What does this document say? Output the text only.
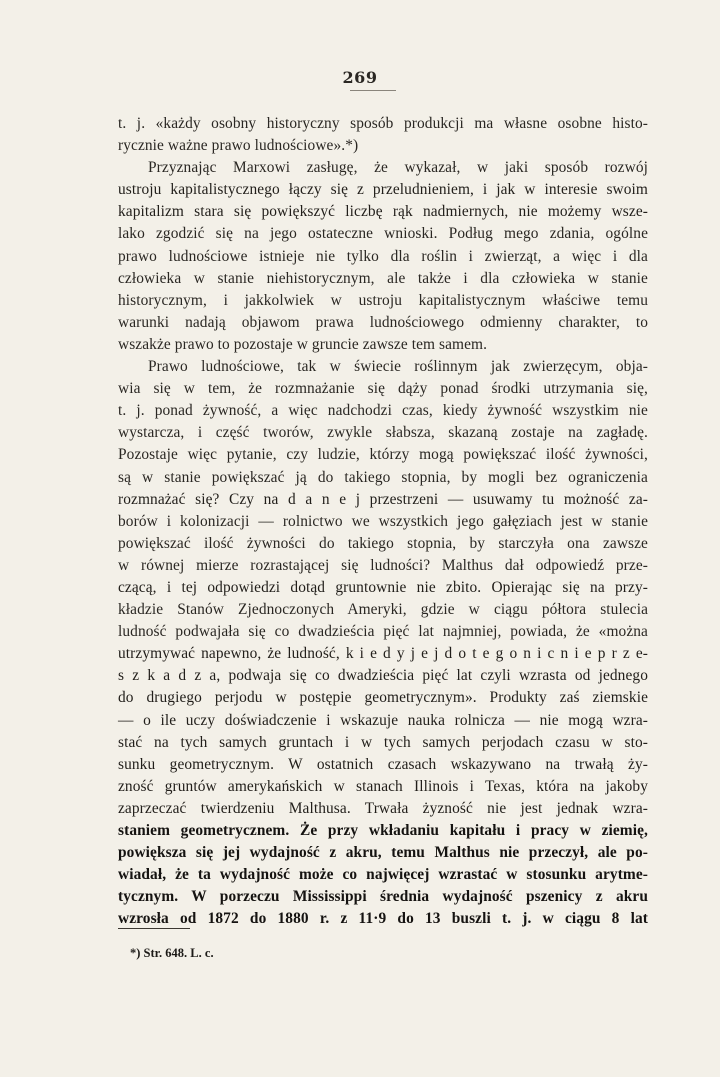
269
t. j. «każdy osobny historyczny sposób produkcji ma własne osobne histo-
rycznie ważne prawo ludnościowe».*)
Przyznając Marxowi zasługę, że wykazał, w jaki sposób rozwój
ustroju kapitalistycznego łączy się z przeludnieniem, i jak w interesie swoim
kapitalizm stara się powiększyć liczbę rąk nadmiernych, nie możemy wsze-
lako zgodzić się na jego ostateczne wnioski. Podług mego zdania, ogólne
prawo ludnościowe istnieje nie tylko dla roślin i zwierząt, a więc i dla
człowieka w stanie niehistorycznym, ale także i dla człowieka w stanie
historycznym, i jakkolwiek w ustroju kapitalistycznym właściwe temu
warunki nadają objawom prawa ludnościowego odmienny charakter, to
wszakże prawo to pozostaje w gruncie zawsze tem samem.
Prawo ludnościowe, tak w świecie roślinnym jak zwierzęcym, obja-
wia się w tem, że rozmnażanie się dąży ponad środki utrzymania się,
t. j. ponad żywność, a więc nadchodzi czas, kiedy żywność wszystkim nie
wystarcza, i część tworów, zwykle słabsza, skazaną zostaje na zagładę.
Pozostaje więc pytanie, czy ludzie, którzy mogą powiększać ilość żywności,
są w stanie powiększać ją do takiego stopnia, by mogli bez ograniczenia
rozmnażać się? Czy na d a n e j przestrzeni — usuwamy tu możność za-
borów i kolonizacji — rolnictwo we wszystkich jego gałęziach jest w stanie
powiększać ilość żywności do takiego stopnia, by starczyła ona zawsze
w równej mierze rozrastającej się ludności? Malthus dał odpowiedź prze-
czącą, i tej odpowiedzi dotąd gruntownie nie zbito. Opierając się na przy-
kładzie Stanów Zjednoczonych Ameryki, gdzie w ciągu półtora stulecia
ludność podwajała się co dwadzieścia pięć lat najmniej, powiada, że «można
utrzymywać napewno, że ludność, k i e d y j e j d o t e g o n i c n i e p r z e-
s z k a d z a, podwaja się co dwadzieścia pięć lat czyli wzrasta od jednego
do drugiego perjodu w postępie geometrycznym». Produkty zaś ziemskie
— o ile uczy doświadczenie i wskazuje nauka rolnicza — nie mogą wzra-
stać na tych samych gruntach i w tych samych perjodach czasu w sto-
sunku geometrycznym. W ostatnich czasach wskazywano na trwałą ży-
zność gruntów amerykańskich w stanach Illinois i Texas, która na jakoby
zaprzeczać twierdzeniu Malthusa. Trwała żyzność nie jest jednak wzra-
staniem geometrycznem. Że przy wkładaniu kapitału i pracy w ziemię,
powiększa się jej wydajność z akru, temu Malthus nie przeczył, ale po-
wiadał, że ta wydajność może co najwięcej wzrastać w stosunku arytme-
tycznym. W porzeczu Mississippi średnia wydajność pszenicy z akru
wzrosła od 1872 do 1880 r. z 11·9 do 13 buszli t. j. w ciągu 8 lat
*) Str. 648. L. c.
